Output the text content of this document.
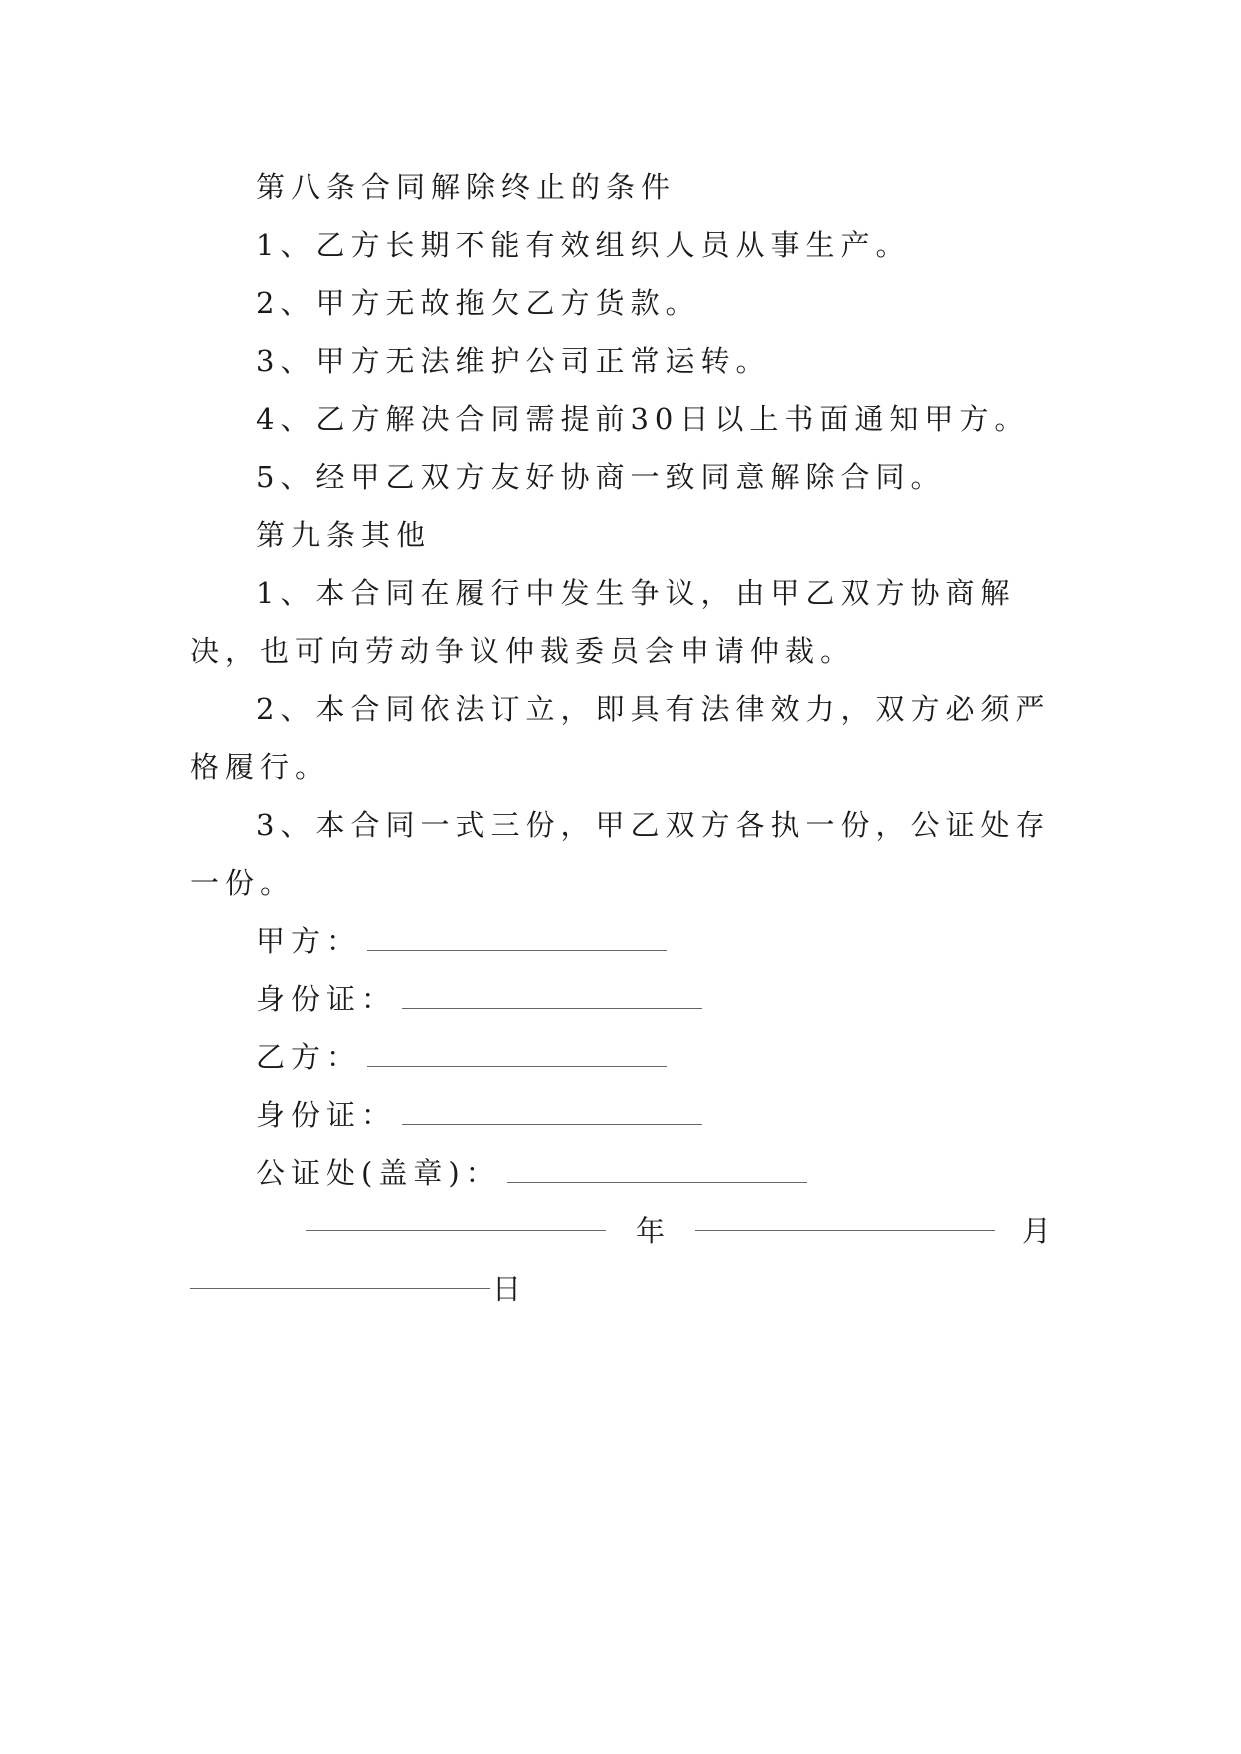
第八条合同解除终止的条件

1、乙方长期不能有效组织人员从事生产。

2、甲方无故拖欠乙方货款。

3、甲方无法维护公司正常运转。

4、乙方解决合同需提前30日以上书面通知甲方。

5、经甲乙双方友好协商一致同意解除合同。

第九条其他

1、本合同在履行中发生争议，由甲乙双方协商解决，也可向劳动争议仲裁委员会申请仲裁。

2、本合同依法订立，即具有法律效力，双方必须严格履行。

3、本合同一式三份，甲乙双方各执一份，公证处存一份。

甲方：

身份证：

乙方：

身份证：

公证处(盖章)：

年	月
日
